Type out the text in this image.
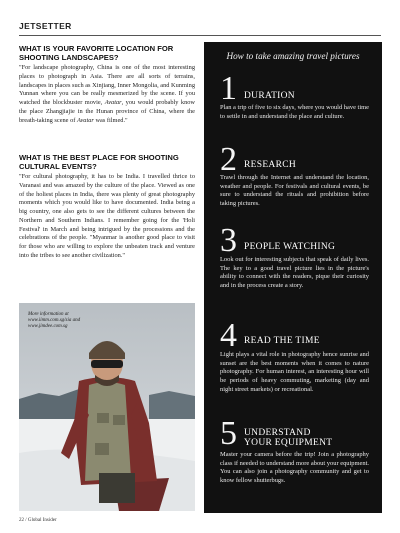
JETSETTER
WHAT IS YOUR FAVORITE LOCATION FOR SHOOTING LANDSCAPES?
"For landscape photography, China is one of the most interesting places to photograph in Asia. There are all sorts of terrains, landscapes in places such as Xinjiang, Inner Mongolia, and Kunming Yunnan where you can be really mesmerized by the scene. If you watched the blockbuster movie, Avatar, you would probably know the place Zhangjiajie in the Hunan province of China, where the breath-taking scene of Avatar was filmed."
WHAT IS THE BEST PLACE FOR SHOOTING CULTURAL EVENTS?
"For cultural photography, it has to be India. I travelled thrice to Varanasi and was amazed by the culture of the place. Viewed as one of the holiest places in India, there was plenty of great photography moments which you would like to have documented. India being a big country, one also gets to see the different cultures between the Northern and Southern Indians. I remember going for the 'Holi Festival' in March and being intrigued by the processions and the celebrations of the people. "Myanmar is another good place to visit for those who are willing to explore the unbeaten track and venture into the tribes to see another civilization."
More information at
www.iimm.com.sg/sia and
www.jimdee.com.sg
22 / Global Insider
How to take amazing travel pictures
1 DURATION
Plan a trip of five to six days, where you would have time to settle in and understand the place and culture.
2 RESEARCH
Trawl through the Internet and understand the location, weather and people. For festivals and cultural events, be sure to understand the rituals and prohibition before taking pictures.
3 PEOPLE WATCHING
Look out for interesting subjects that speak of daily lives. The key to a good travel picture lies in the picture's ability to connect with the readers, pique their curiosity and in the process create a story.
4 READ THE TIME
Light plays a vital role in photography hence sunrise and sunset are the best moments when it comes to nature photography. For human interest, an interesting hour will be periods of heavy commuting, marketing (day and night street markets) or recreational.
5 UNDERSTAND
YOUR EQUIPMENT
Master your camera before the trip! Join a photography class if needed to understand more about your equipment. You can also join a photography community and get to know fellow shutterbugs.
